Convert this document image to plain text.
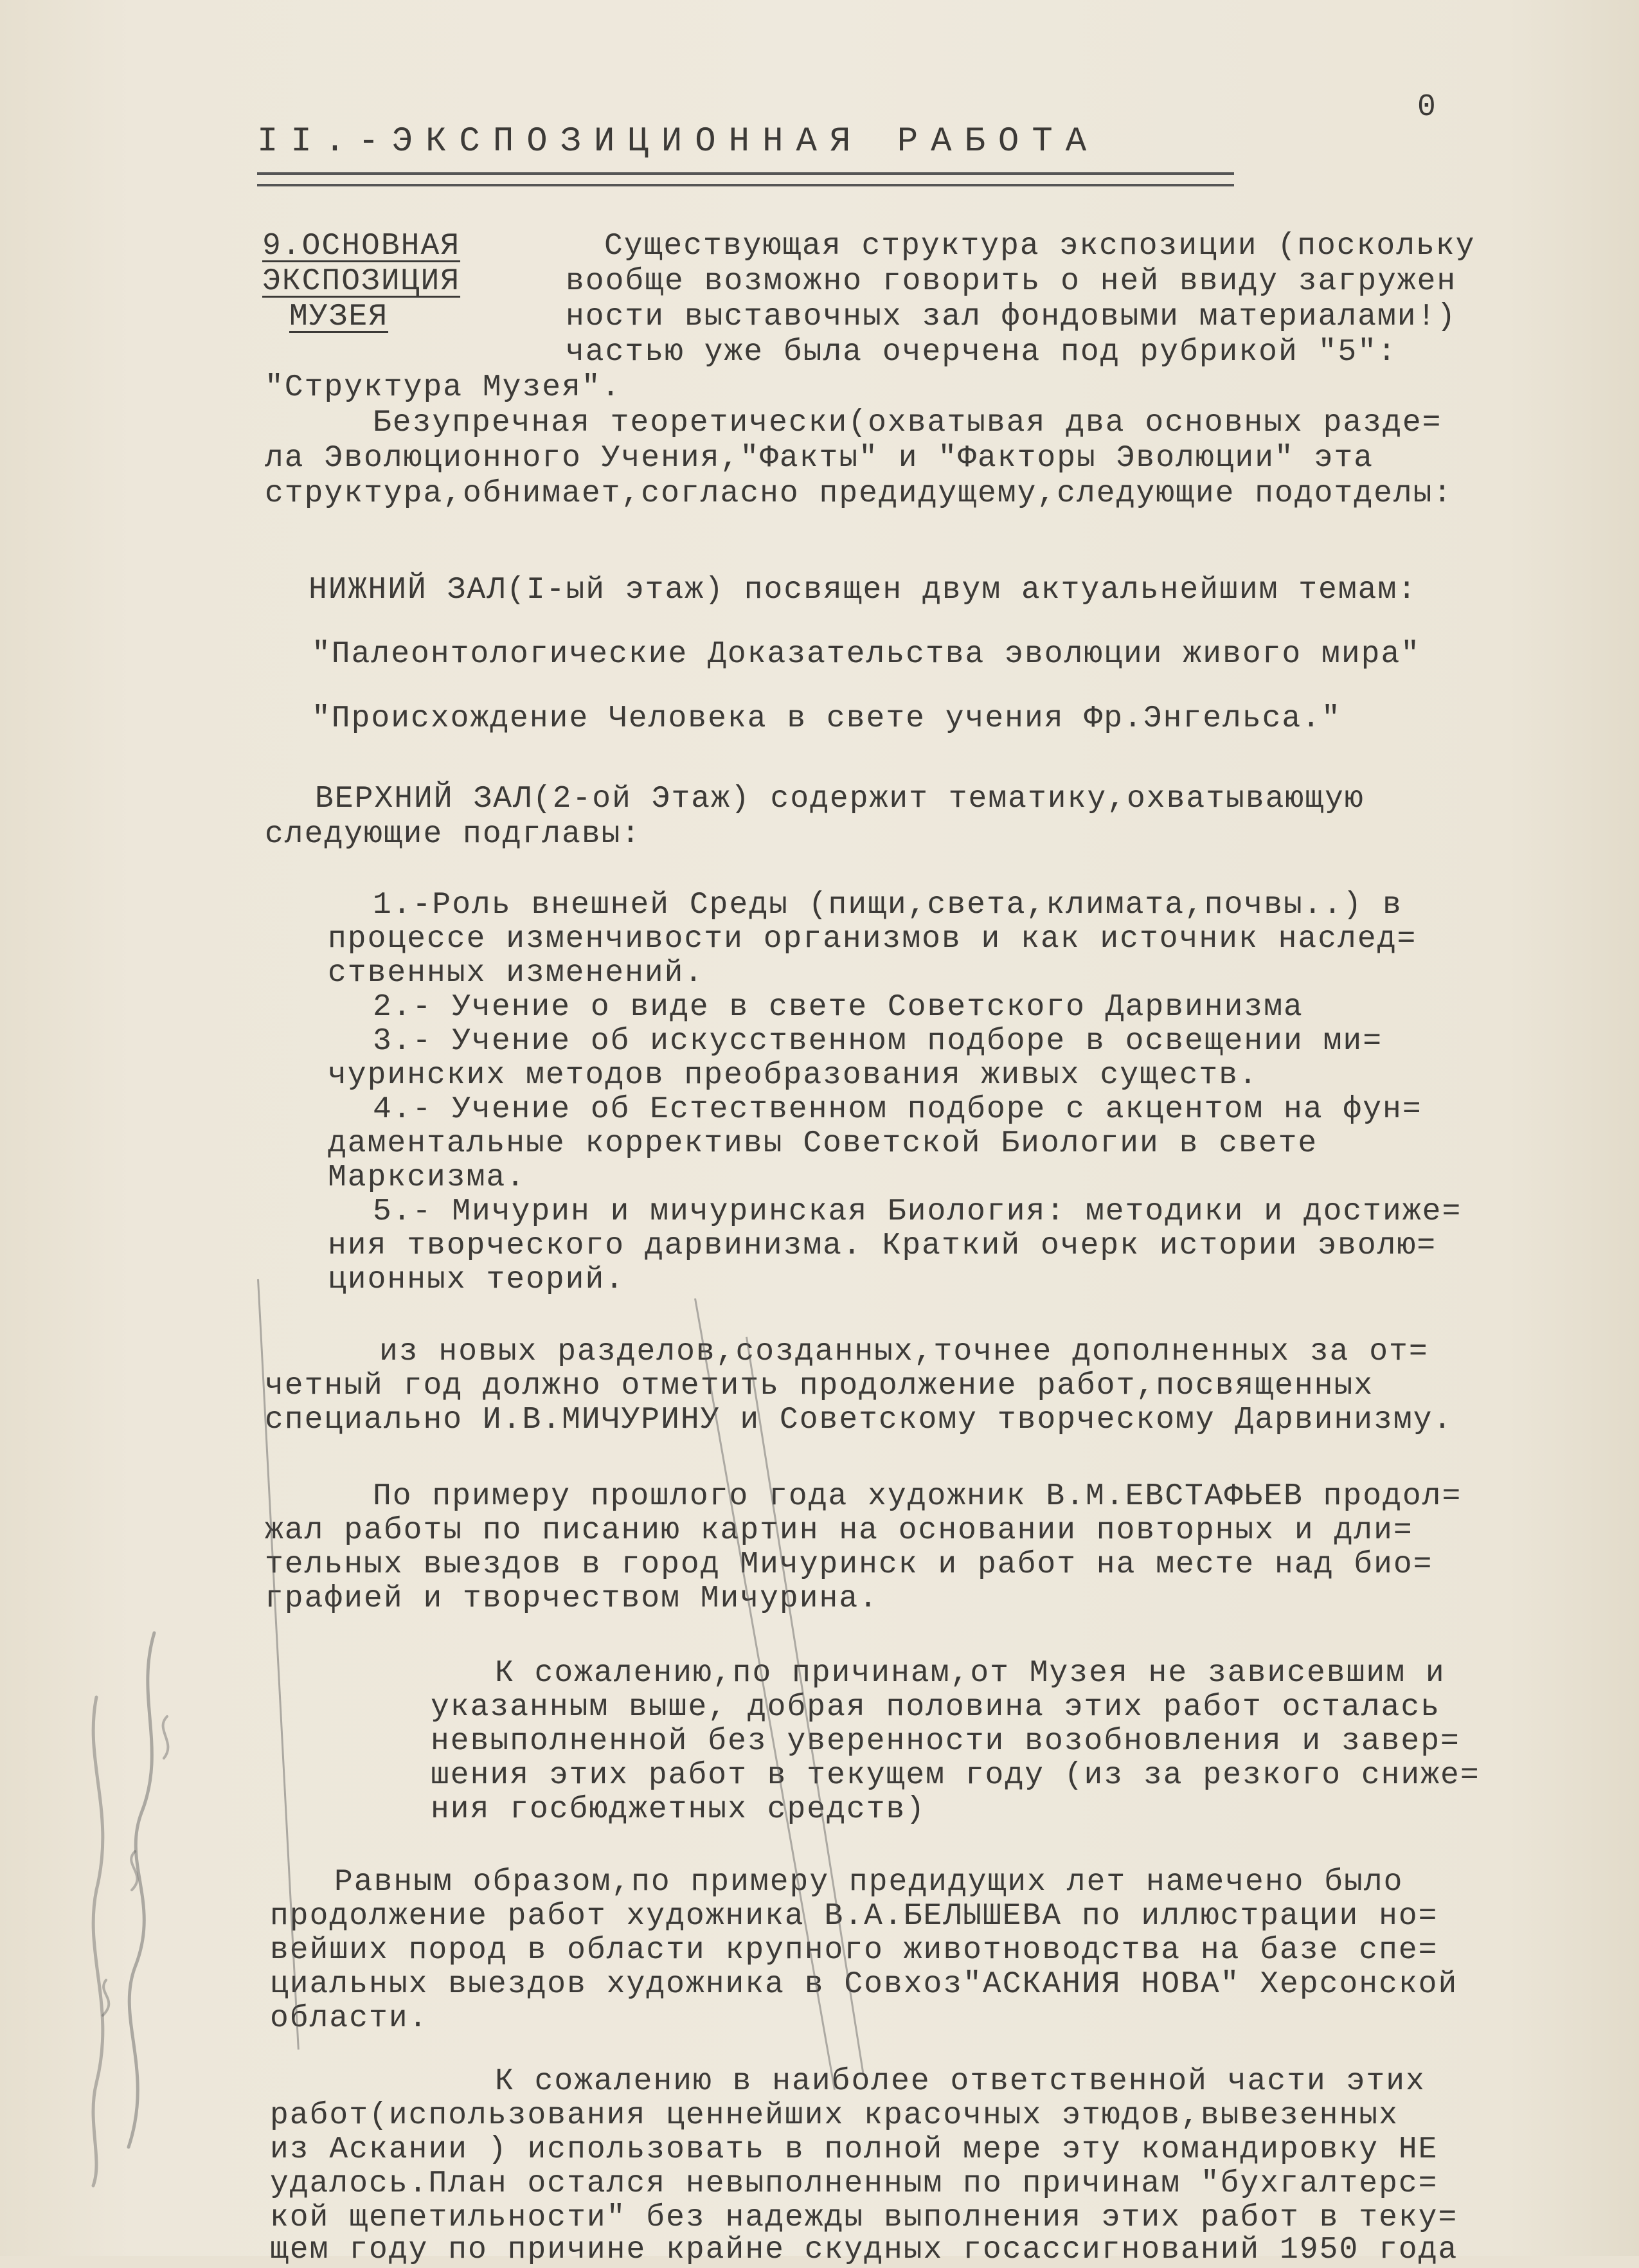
0
II.-ЭКСПОЗИЦИОННАЯ РАБОТА
9.ОСНОВНАЯ
ЭКСПОЗИЦИЯ
МУЗЕЯ
Существующая структура экспозиции (поскольку
вообще возможно говорить о ней ввиду загружен
ности выставочных зал фондовыми материалами!)
частью уже была очерчена под рубрикой "5":
"Структура Музея".
Безупречная теоретически(охватывая два основных разде=
ла Эволюционного Учения,"Факты" и "Факторы Эволюции" эта
структура,обнимает,согласно предидущему,следующие подотделы:
НИЖНИЙ ЗАЛ(I-ый этаж) посвящен двум актуальнейшим темам:
"Палеонтологические Доказательства эволюции живого мира"
"Происхождение Человека в свете учения Фр.Энгельса."
ВЕРХНИЙ ЗАЛ(2-ой Этаж) содержит тематику,охватывающую
следующие подглавы:
1.-Роль внешней Среды (пищи,света,климата,почвы..) в
процессе изменчивости организмов и как источник наслед=
ственных изменений.
2.- Учение о виде в свете Советского Дарвинизма
3.- Учение об искусственном подборе в освещении ми=
чуринских методов преобразования живых существ.
4.- Учение об Естественном подборе с акцентом на фун=
даментальные коррективы Советской Биологии в свете
Марксизма.
5.- Мичурин и мичуринская Биология: методики и достиже=
ния творческого дарвинизма. Краткий очерк истории эволю=
ционных теорий.
из новых разделов,созданных,точнее дополненных за от=
четный год должно отметить продолжение работ,посвященных
специально И.В.МИЧУРИНУ и Советскому творческому Дарвинизму.
По примеру прошлого года художник В.М.ЕВСТАФЬЕВ продол=
жал работы по писанию картин на основании повторных и дли=
тельных выездов в город Мичуринск и работ на месте над био=
графией и творчеством Мичурина.
К сожалению,по причинам,от Музея не зависевшим и
указанным выше, добрая половина этих работ осталась
невыполненной без уверенности возобновления и завер=
шения этих работ в текущем году (из за резкого сниже=
ния госбюджетных средств)
Равным образом,по примеру предидущих лет намечено было
продолжение работ художника В.А.БЕЛЫШЕВА по иллюстрации но=
вейших пород в области крупного животноводства на базе спе=
циальных выездов художника в Совхоз"АСКАНИЯ НОВА" Херсонской
области.
К сожалению в наиболее ответственной части этих
работ(использования ценнейших красочных этюдов,вывезенных
из Аскании ) использовать в полной мере эту командировку НЕ
удалось.План остался невыполненным по причинам "бухгалтерс=
кой щепетильности" без надежды выполнения этих работ в теку=
щем году по причине крайне скудных госассигнований 1950 года
